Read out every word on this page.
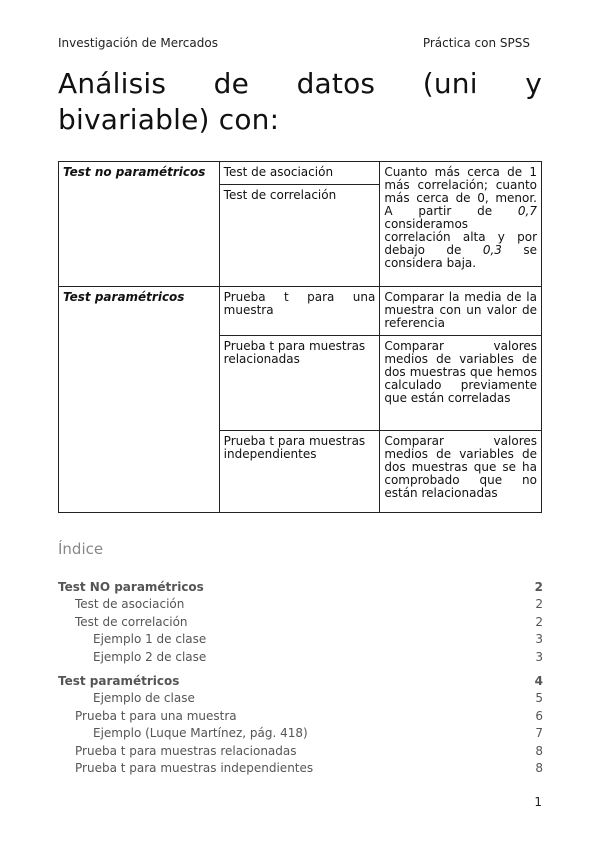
Investigación de Mercados	Práctica con SPSS
Análisis de datos (uni y bivariable) con:
Test no paramétricos	Test de asociación	Cuanto más cerca de 1 más correlación; cuanto más cerca de 0, menor. A partir de 0,7 consideramos correlación alta y por debajo de 0,3 se considera baja.
	Test de correlación	
Test paramétricos	Prueba t para una muestra	Comparar la media de la muestra con un valor de referencia
	Prueba t para muestras relacionadas	Comparar valores medios de variables de dos muestras que hemos calculado previamente que están correladas
	Prueba t para muestras independientes	Comparar valores medios de variables de dos muestras que se ha comprobado que no están relacionadas
Índice
Test NO paramétricos	2
Test de asociación	2
Test de correlación	2
Ejemplo 1 de clase	3
Ejemplo 2 de clase	3
Test paramétricos	4
Ejemplo de clase	5
Prueba t para una muestra	6
Ejemplo (Luque Martínez, pág. 418)	7
Prueba t para muestras relacionadas	8
Prueba t para muestras independientes	8
1
